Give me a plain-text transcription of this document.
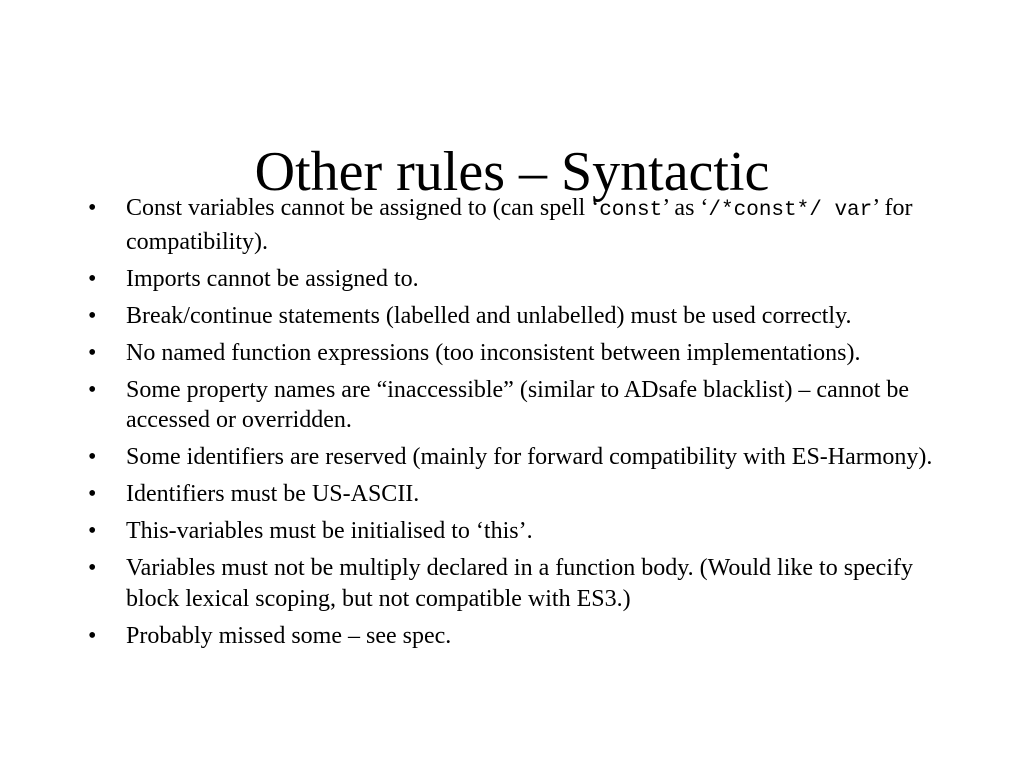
Other rules – Syntactic
•	Const variables cannot be assigned to (can spell ‘const’ as ‘/*const*/ var’ for compatibility).
•	Imports cannot be assigned to.
•	Break/continue statements (labelled and unlabelled) must be used correctly.
•	No named function expressions (too inconsistent between implementations).
•	Some property names are “inaccessible” (similar to ADsafe blacklist) – cannot be accessed or overridden.
•	Some identifiers are reserved (mainly for forward compatibility with ES-Harmony).
•	Identifiers must be US-ASCII.
•	This-variables must be initialised to ‘this’.
•	Variables must not be multiply declared in a function body. (Would like to specify block lexical scoping, but not compatible with ES3.)
•	Probably missed some – see spec.
